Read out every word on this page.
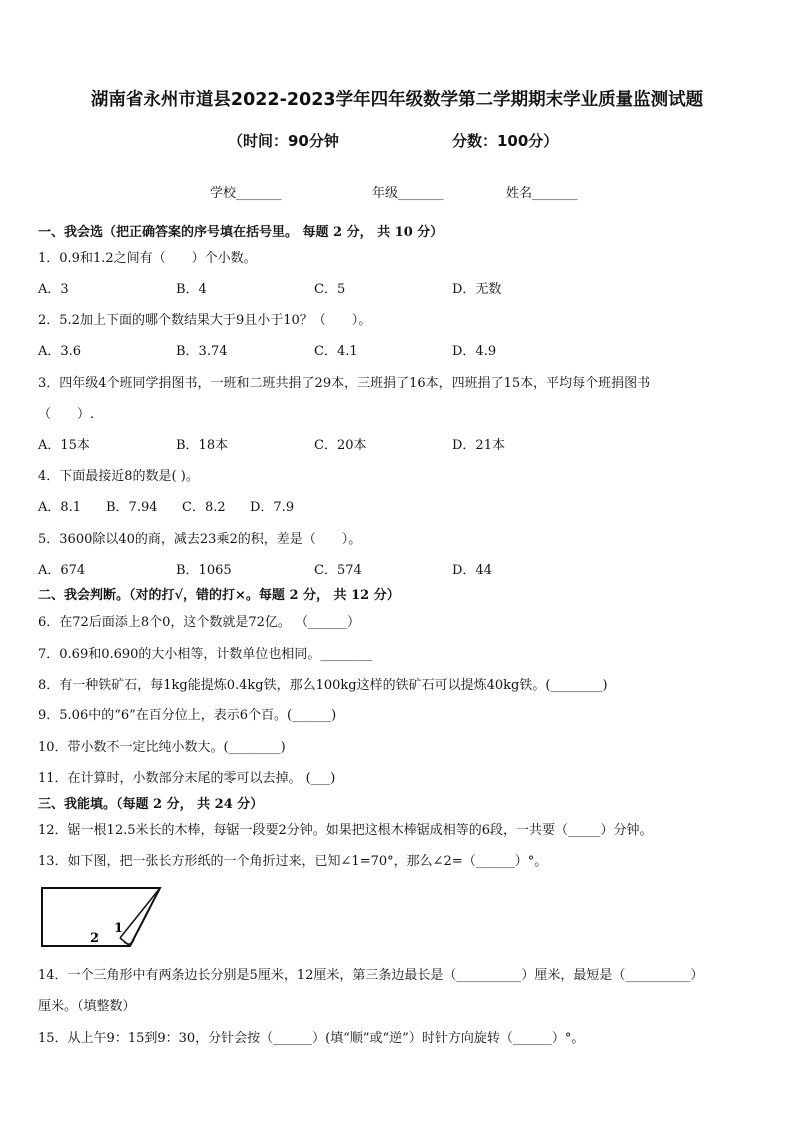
湖南省永州市道县2022-2023学年四年级数学第二学期期末学业质量监测试题
（时间：90分钟	分数：100分）
学校_______	年级_______	姓名_______
一、我会选（把正确答案的序号填在括号里。 每题 2 分， 共 10 分）
1．0.9和1.2之间有（　　）个小数。
A．3	B．4	C．5	D．无数
2．5.2加上下面的哪个数结果大于9且小于10？（　　）。
A．3.6	B．3.74	C．4.1	D．4.9
3．四年级4个班同学捐图书，一班和二班共捐了29本，三班捐了16本，四班捐了15本，平均每个班捐图书
（　　）.
A．15本	B．18本	C．20本	D．21本
4．下面最接近8的数是( )。
A．8.1 B．7.94 C．8.2 D．7.9
5．3600除以40的商，减去23乘2的积，差是（　　）。
A．674	B．1065	C．574	D．44
二、我会判断。（对的打√，错的打×。每题 2 分， 共 12 分）
6．在72后面添上8个0，这个数就是72亿。 （______）
7．0.69和0.690的大小相等，计数单位也相同。________
8．有一种铁矿石，每1kg能提炼0.4kg铁，那么100kg这样的铁矿石可以提炼40kg铁。(________)
9．5.06中的“6”在百分位上，表示6个百。(______)
10．带小数不一定比纯小数大。(________)
11．在计算时，小数部分末尾的零可以去掉。 (___)
三、我能填。（每题 2 分， 共 24 分）
12．锯一根12.5米长的木棒，每锯一段要2分钟。如果把这根木棒锯成相等的6段，一共要（_____）分钟。
13．如下图，把一张长方形纸的一个角折过来，已知∠1=70°，那么∠2=（______）°。
1
2
14．一个三角形中有两条边长分别是5厘米，12厘米，第三条边最长是（__________）厘米，最短是（__________）
厘米。（填整数）
15．从上午9：15到9：30，分针会按（______）(填“顺”或“逆”）时针方向旋转（______）°。
